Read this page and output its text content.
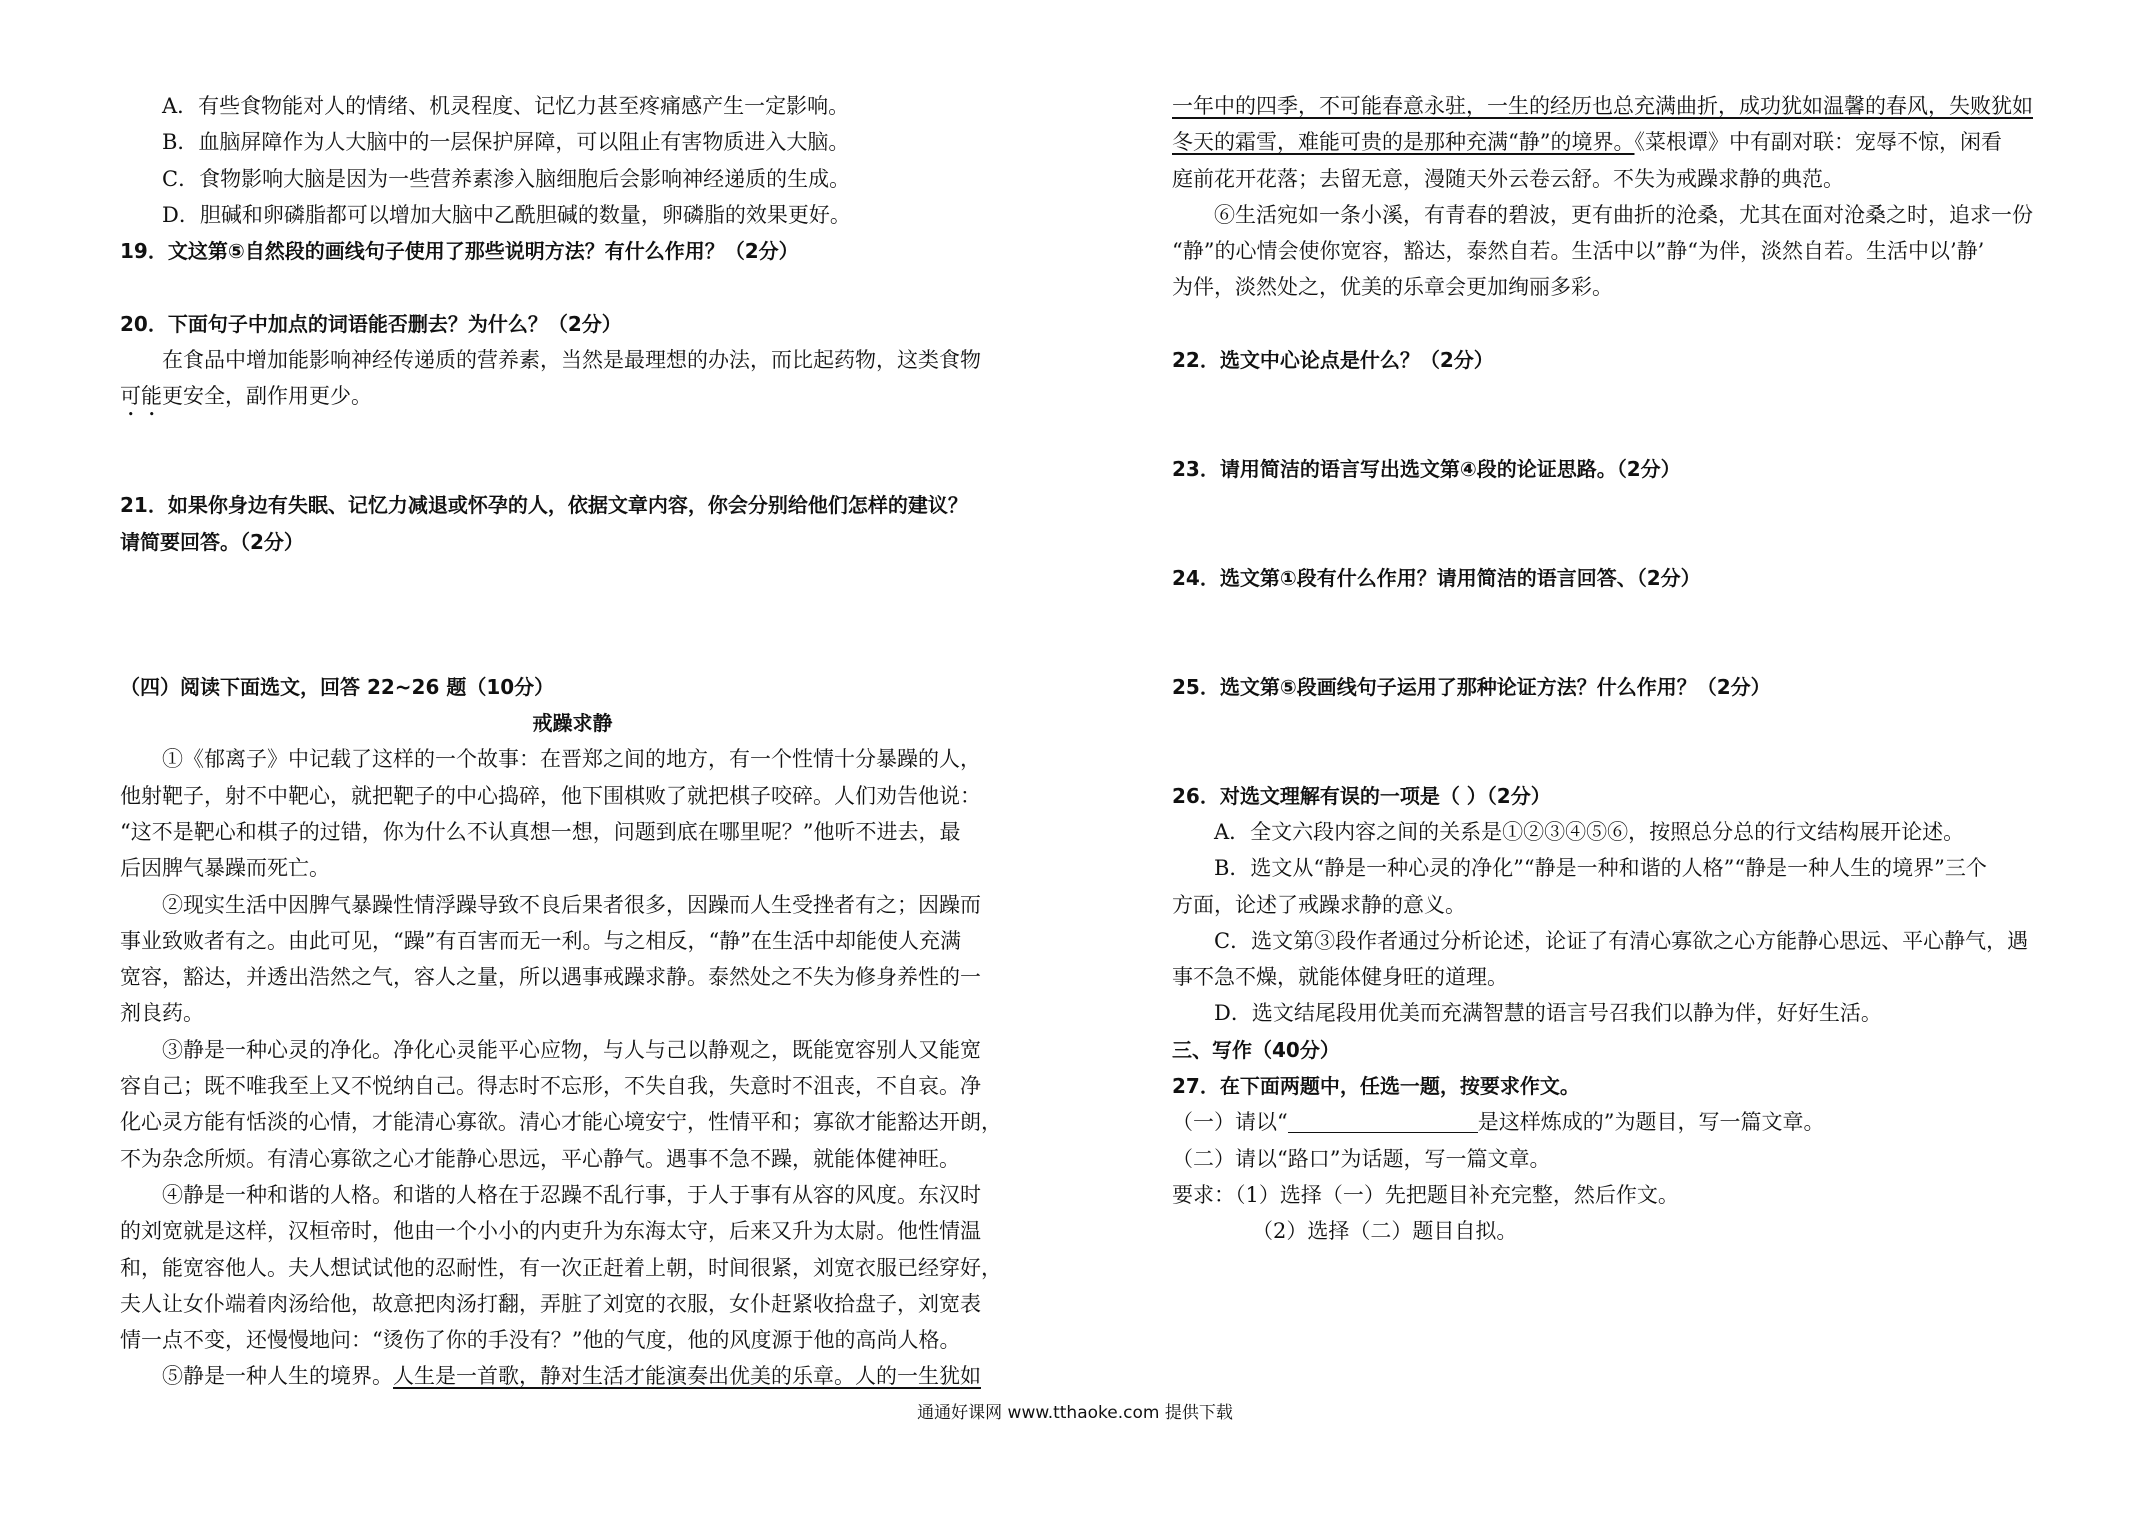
A．有些食物能对人的情绪、机灵程度、记忆力甚至疼痛感产生一定影响。
B．血脑屏障作为人大脑中的一层保护屏障，可以阻止有害物质进入大脑。
C．食物影响大脑是因为一些营养素渗入脑细胞后会影响神经递质的生成。
D．胆碱和卵磷脂都可以增加大脑中乙酰胆碱的数量，卵磷脂的效果更好。
19．文这第⑤自然段的画线句子使用了那些说明方法？有什么作用？（2分）
20．下面句子中加点的词语能否删去？为什么？（2分）
在食品中增加能影响神经传递质的营养素，当然是最理想的办法，而比起药物，这类食物
可能更安全，副作用更少。
21．如果你身边有失眠、记忆力减退或怀孕的人，依据文章内容，你会分别给他们怎样的建议？
请简要回答。（2分）
（四）阅读下面选文，回答 22~26 题（10分）
戒躁求静
①《郁离子》中记载了这样的一个故事：在晋郑之间的地方，有一个性情十分暴躁的人，
他射靶子，射不中靶心，就把靶子的中心捣碎，他下围棋败了就把棋子咬碎。人们劝告他说：
“这不是靶心和棋子的过错，你为什么不认真想一想，问题到底在哪里呢？”他听不进去，最
后因脾气暴躁而死亡。
②现实生活中因脾气暴躁性情浮躁导致不良后果者很多，因躁而人生受挫者有之；因躁而
事业致败者有之。由此可见，“躁”有百害而无一利。与之相反，“静”在生活中却能使人充满
宽容，豁达，并透出浩然之气，容人之量，所以遇事戒躁求静。泰然处之不失为修身养性的一
剂良药。
③静是一种心灵的净化。净化心灵能平心应物，与人与己以静观之，既能宽容别人又能宽
容自己；既不唯我至上又不悦纳自己。得志时不忘形，不失自我，失意时不沮丧，不自哀。净
化心灵方能有恬淡的心情，才能清心寡欲。清心才能心境安宁，性情平和；寡欲才能豁达开朗，
不为杂念所烦。有清心寡欲之心才能静心思远，平心静气。遇事不急不躁，就能体健神旺。
④静是一种和谐的人格。和谐的人格在于忍躁不乱行事，于人于事有从容的风度。东汉时
的刘宽就是这样，汉桓帝时，他由一个小小的内吏升为东海太守，后来又升为太尉。他性情温
和，能宽容他人。夫人想试试他的忍耐性，有一次正赶着上朝，时间很紧，刘宽衣服已经穿好，
夫人让女仆端着肉汤给他，故意把肉汤打翻，弄脏了刘宽的衣服，女仆赶紧收拾盘子，刘宽表
情一点不变，还慢慢地问：“烫伤了你的手没有？”他的气度，他的风度源于他的高尚人格。
⑤静是一种人生的境界。人生是一首歌，静对生活才能演奏出优美的乐章。人的一生犹如
一年中的四季，不可能春意永驻，一生的经历也总充满曲折，成功犹如温馨的春风，失败犹如
冬天的霜雪，难能可贵的是那种充满“静”的境界。《菜根谭》中有副对联：宠辱不惊，闲看
庭前花开花落；去留无意，漫随天外云卷云舒。不失为戒躁求静的典范。
⑥生活宛如一条小溪，有青春的碧波，更有曲折的沧桑，尤其在面对沧桑之时，追求一份
“静”的心情会使你宽容，豁达，泰然自若。生活中以”静“为伴，淡然自若。生活中以’静’
为伴，淡然处之，优美的乐章会更加绚丽多彩。
22．选文中心论点是什么？（2分）
23．请用简洁的语言写出选文第④段的论证思路。（2分）
24．选文第①段有什么作用？请用简洁的语言回答、（2分）
25．选文第⑤段画线句子运用了那种论证方法？什么作用？（2分）
26．对选文理解有误的一项是（ ）（2分）
A．全文六段内容之间的关系是①②③④⑤⑥，按照总分总的行文结构展开论述。
B．选文从“静是一种心灵的净化”“静是一种和谐的人格”“静是一种人生的境界”三个
方面，论述了戒躁求静的意义。
C．选文第③段作者通过分析论述，论证了有清心寡欲之心方能静心思远、平心静气，遇
事不急不燥，就能体健身旺的道理。
D．选文结尾段用优美而充满智慧的语言号召我们以静为伴，好好生活。
三、写作（40分）
27．在下面两题中，任选一题，按要求作文。
（一）请以“	是这样炼成的”为题目，写一篇文章。
（二）请以“路口”为话题，写一篇文章。
要求：（1）选择（一）先把题目补充完整，然后作文。
（2）选择（二）题目自拟。
通通好课网 www.tthaoke.com 提供下载
